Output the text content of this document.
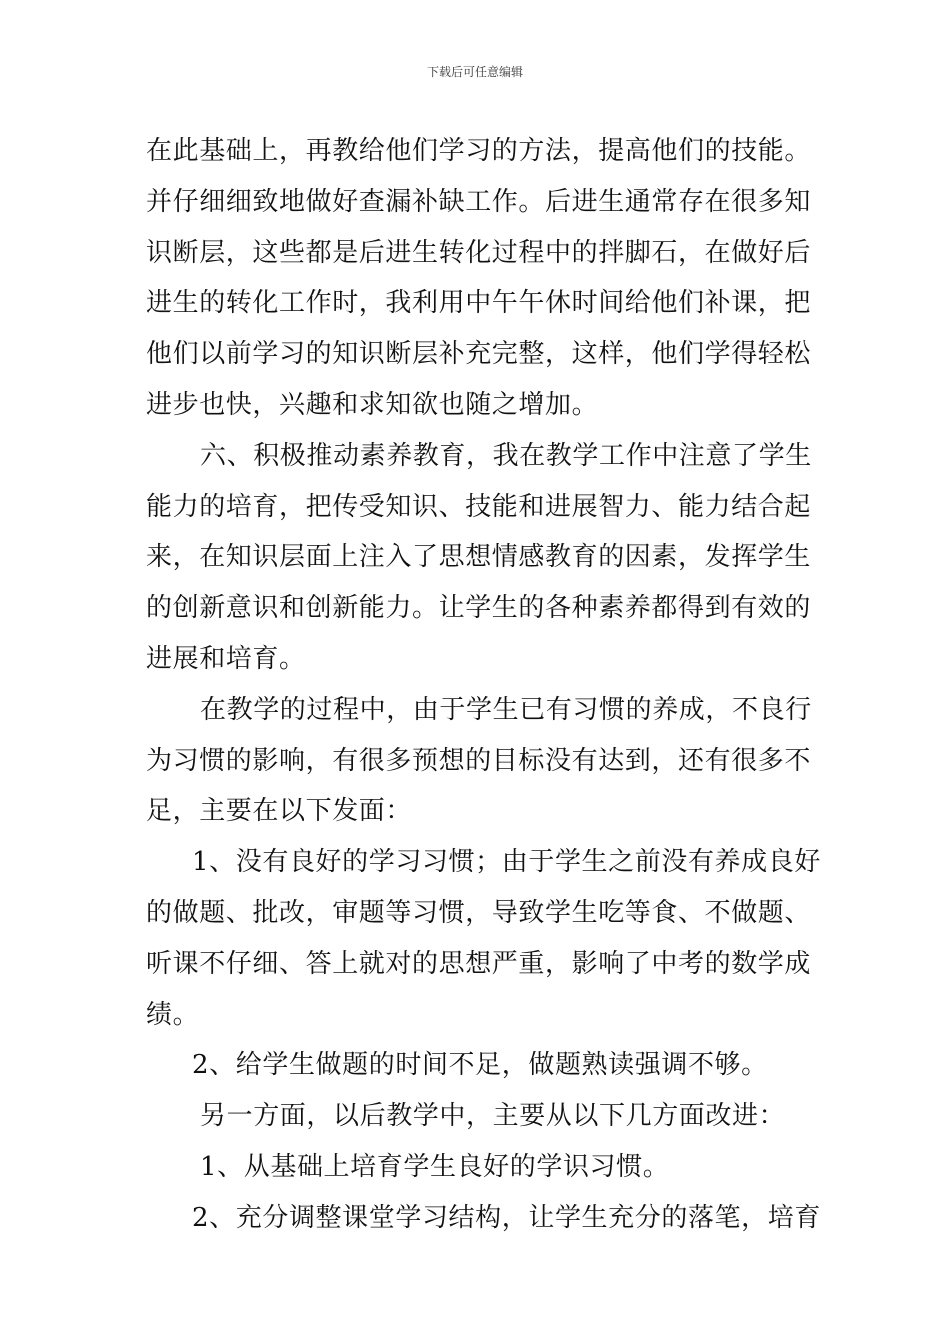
下载后可任意编辑
在此基础上，再教给他们学习的方法，提高他们的技能。
并仔细细致地做好查漏补缺工作。后进生通常存在很多知
识断层，这些都是后进生转化过程中的拌脚石，在做好后
进生的转化工作时，我利用中午午休时间给他们补课，把
他们以前学习的知识断层补充完整，这样，他们学得轻松
进步也快，兴趣和求知欲也随之增加。
六、积极推动素养教育，我在教学工作中注意了学生
能力的培育，把传受知识、技能和进展智力、能力结合起
来，在知识层面上注入了思想情感教育的因素，发挥学生
的创新意识和创新能力。让学生的各种素养都得到有效的
进展和培育。
在教学的过程中，由于学生已有习惯的养成，不良行
为习惯的影响，有很多预想的目标没有达到，还有很多不
足，主要在以下发面：
1、没有良好的学习习惯；由于学生之前没有养成良好
的做题、批改，审题等习惯，导致学生吃等食、不做题、
听课不仔细、答上就对的思想严重，影响了中考的数学成
绩。
2、给学生做题的时间不足，做题熟读强调不够。
另一方面，以后教学中，主要从以下几方面改进：
1、从基础上培育学生良好的学识习惯。
2、充分调整课堂学习结构，让学生充分的落笔，培育
